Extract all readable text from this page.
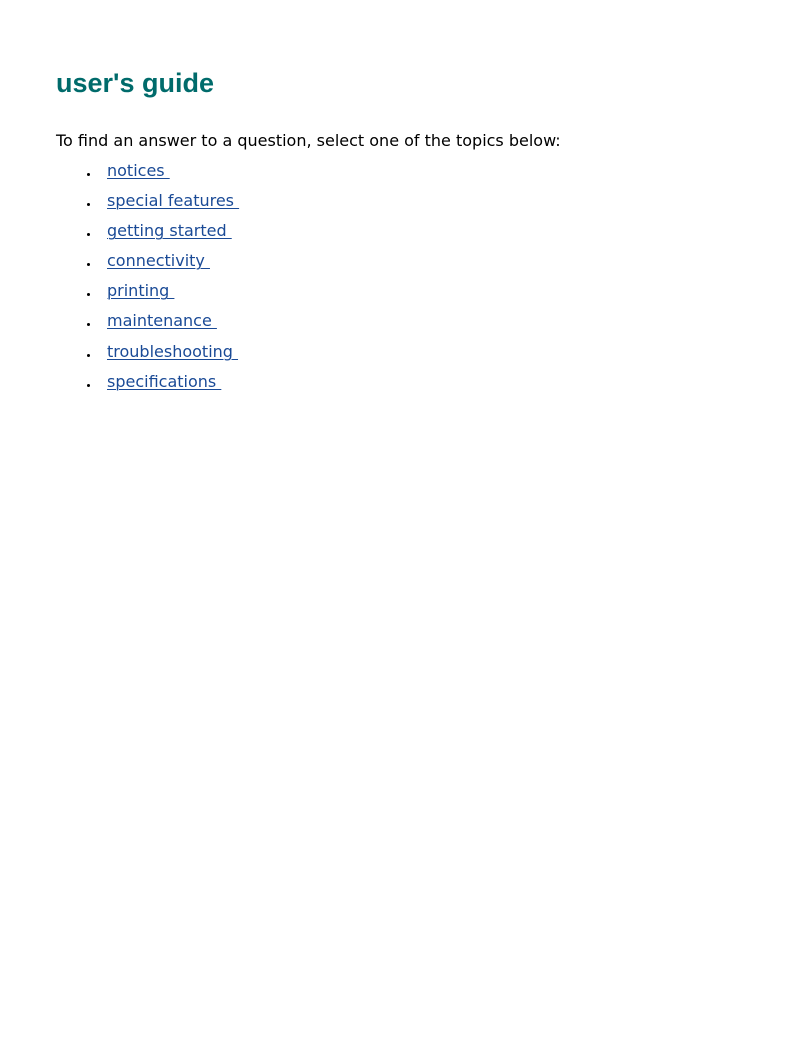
user's guide

To find an answer to a question, select one of the topics below:

notices
special features
getting started
connectivity
printing
maintenance
troubleshooting
specifications
